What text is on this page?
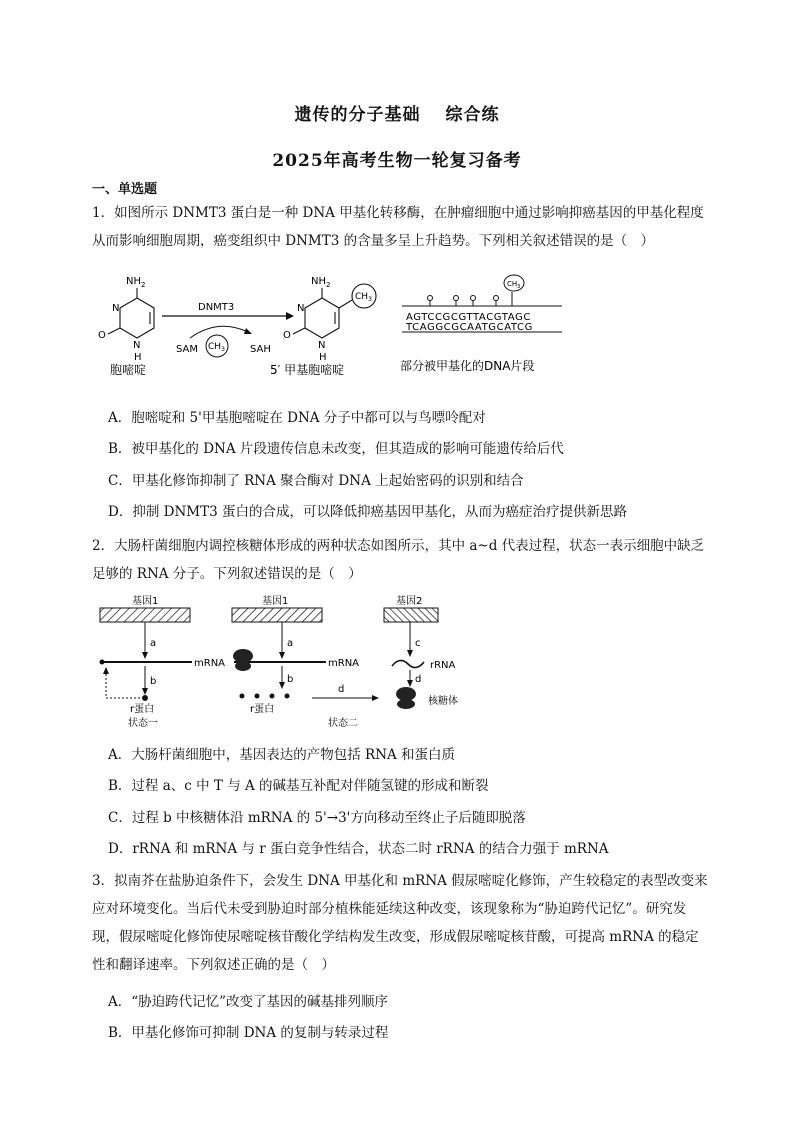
遗传的分子基础　 综合练
2025年高考生物一轮复习备考
一、单选题
1．如图所示 DNMT3 蛋白是一种 DNA 甲基化转移酶，在肿瘤细胞中通过影响抑癌基因的甲基化程度从而影响细胞周期，癌变组织中 DNMT3 的含量多呈上升趋势。下列相关叙述错误的是（　）
$NH_2$
N
N
H
O
胞嘧啶
DNMT3
SAM	SAH
$CH_3$
$NH_2$
N
N
H
O
$CH_3$
5′ 甲基胞嘧啶
$CH_3$
AGTCCGCGTTACGTAGC
TCAGGCGCAATGCATCG
部分被甲基化的DNA片段
A．胞嘧啶和 5'甲基胞嘧啶在 DNA 分子中都可以与鸟嘌呤配对
B．被甲基化的 DNA 片段遗传信息未改变，但其造成的影响可能遗传给后代
C．甲基化修饰抑制了 RNA 聚合酶对 DNA 上起始密码的识别和结合
D．抑制 DNMT3 蛋白的合成，可以降低抑癌基因甲基化，从而为癌症治疗提供新思路
2．大肠杆菌细胞内调控核糖体形成的两种状态如图所示，其中 a~d 代表过程，状态一表示细胞中缺乏足够的 RNA 分子。下列叙述错误的是（　）
基因1
a
mRNA
b
r蛋白
状态一
基因1
a
mRNA
b
r蛋白
d
状态二
基因2
c
rRNA
d
核糖体
A．大肠杆菌细胞中，基因表达的产物包括 RNA 和蛋白质
B．过程 a、c 中 T 与 A 的碱基互补配对伴随氢键的形成和断裂
C．过程 b 中核糖体沿 mRNA 的 5'→3'方向移动至终止子后随即脱落
D．rRNA 和 mRNA 与 r 蛋白竞争性结合，状态二时 rRNA 的结合力强于 mRNA
3．拟南芥在盐胁迫条件下，会发生 DNA 甲基化和 mRNA 假尿嘧啶化修饰，产生较稳定的表型改变来应对环境变化。当后代未受到胁迫时部分植株能延续这种改变，该现象称为“胁迫跨代记忆”。研究发现，假尿嘧啶化修饰使尿嘧啶核苷酸化学结构发生改变，形成假尿嘧啶核苷酸，可提高 mRNA 的稳定性和翻译速率。下列叙述正确的是（　）
A．“胁迫跨代记忆”改变了基因的碱基排列顺序
B．甲基化修饰可抑制 DNA 的复制与转录过程
